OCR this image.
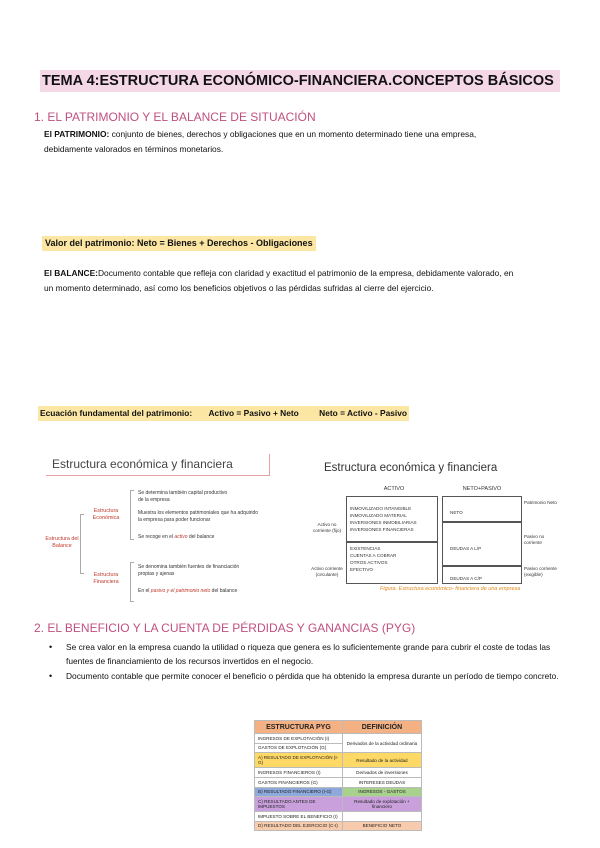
TEMA 4:ESTRUCTURA ECONÓMICO-FINANCIERA.CONCEPTOS BÁSICOS
1. EL PATRIMONIO Y EL BALANCE DE SITUACIÓN
El PATRIMONIO: conjunto de bienes, derechos y obligaciones que en un momento determinado tiene una empresa, debidamente valorados en términos monetarios.
Valor del patrimonio: Neto = Bienes + Derechos - Obligaciones
El BALANCE:Documento contable que refleja con claridad y exactitud el patrimonio de la empresa, debidamente valorado, en un momento determinado, así como los beneficios objetivos o las pérdidas sufridas al cierre del ejercicio.
Ecuación fundamental del patrimonio: Activo = Pasivo + Neto Neto = Activo - Pasivo
Estructura económica y financiera
Estructura del Balance
Estructura Económica
Estructura Financiera
Se determina también capital productivo
de la empresa
Muestra los elementos patrimoniales que ha adquirido
la empresa para poder funcionar
Se recoge en el activo del balance
Se denomina también fuentes de financiación
propias y ajenas
En el pasivo y el patrimonio neto del balance
Estructura económica y financiera
ACTIVO	NETO+PASIVO
INMOVILIZADO INTANGIBLE
INMOVILIZADO MATERIAL
INVERSIONES INMOBILIARIAS
INVERSIONES FINANCIERAS
EXISTENCIAS
CUENTAS A COBRAR
OTROS ACTIVOS
EFECTIVO
NETO
DEUDAS A L/P
DEUDAS A C/P
Activo no corriente (fijo)
Activo corriente (circulante)
Patrimonio Neto
Pasivo no corriente
Pasivo corriente (exigible)
Figura. Estructura económico- financiera de una empresa
2. EL BENEFICIO Y LA CUENTA DE PÉRDIDAS Y GANANCIAS (PYG)
• Se crea valor en la empresa cuando la utilidad o riqueza que genera es lo suficientemente grande para cubrir el coste de todas las fuentes de financiamiento de los recursos invertidos en el negocio.
• Documento contable que permite conocer el beneficio o pérdida que ha obtenido la empresa durante un período de tiempo concreto.
ESTRUCTURA PYG	DEFINICIÓN
INGRESOS DE EXPLOTACIÓN (I)	Derivados de la actividad ordinaria
GASTOS DE EXPLOTACIÓN (G)	
A) RESULTADO DE EXPLOTACIÓN (I-G)	Resultado de la actividad
INGRESOS FINANCIEROS (I)	Derivados de inversiones
GASTOS FINANCIEROS (G)	INTERESES DEUDAS
B) RESULTADO FINANCIERO (I-G)	INGRESOS - GASTOS
C) RESULTADO ANTES DE IMPUESTOS	Resultado de explotación + financiero
IMPUESTO SOBRE EL BENEFICIO (I)	
D) RESULTADO DEL EJERCICIO (C-I)	BENEFICIO NETO
